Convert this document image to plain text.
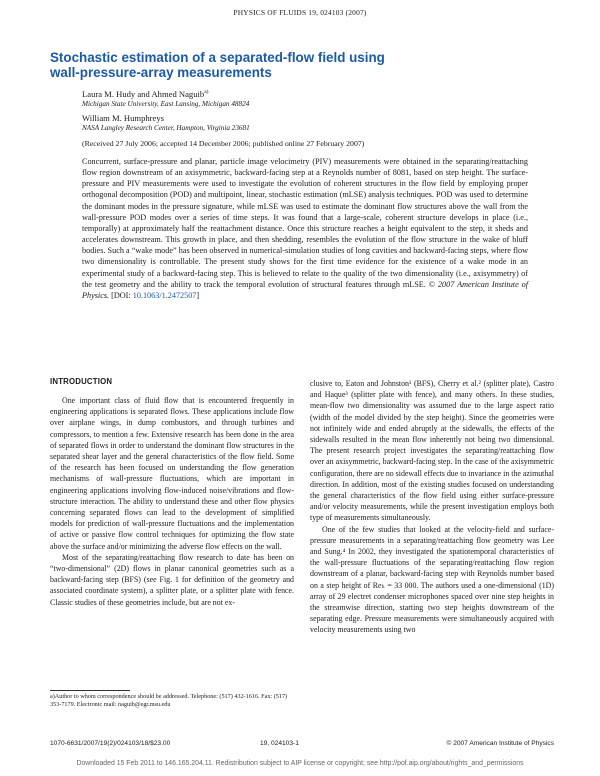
PHYSICS OF FLUIDS 19, 024103 (2007)
Stochastic estimation of a separated-flow field using
wall-pressure-array measurements
Laura M. Hudy and Ahmed Naguib$^{a)}$
Michigan State University, East Lansing, Michigan 48824
William M. Humphreys
NASA Langley Research Center, Hampton, Virginia 23681
(Received 27 July 2006; accepted 14 December 2006; published online 27 February 2007)
Concurrent, surface-pressure and planar, particle image velocimetry (PIV) measurements were obtained in the separating/reattaching flow region downstream of an axisymmetric, backward-facing step at a Reynolds number of 8081, based on step height. The surface-pressure and PIV measurements were used to investigate the evolution of coherent structures in the flow field by employing proper orthogonal decomposition (POD) and multipoint, linear, stochastic estimation (mLSE) analysis techniques. POD was used to determine the dominant modes in the pressure signature, while mLSE was used to estimate the dominant flow structures above the wall from the wall-pressure POD modes over a series of time steps. It was found that a large-scale, coherent structure develops in place (i.e., temporally) at approximately half the reattachment distance. Once this structure reaches a height equivalent to the step, it sheds and accelerates downstream. This growth in place, and then shedding, resembles the evolution of the flow structure in the wake of bluff bodies. Such a “wake mode” has been observed in numerical-simulation studies of long cavities and backward-facing steps, where flow two dimensionality is controllable. The present study shows for the first time evidence for the existence of a wake mode in an experimental study of a backward-facing step. This is believed to relate to the quality of the two dimensionality (i.e., axisymmetry) of the test geometry and the ability to track the temporal evolution of structural features through mLSE. © 2007 American Institute of Physics. [DOI: 10.1063/1.2472507]
INTRODUCTION

One important class of fluid flow that is encountered frequently in engineering applications is separated flows. These applications include flow over airplane wings, in dump combustors, and through turbines and compressors, to mention a few. Extensive research has been done in the area of separated flows in order to understand the dominant flow structures in the separated shear layer and the general characteristics of the flow field. Some of the research has been focused on understanding the flow generation mechanisms of wall-pressure fluctuations, which are important in engineering applications involving flow-induced noise/vibrations and flow-structure interaction. The ability to understand these and other flow physics concerning separated flows can lead to the development of simplified models for prediction of wall-pressure fluctuations and the implementation of active or passive flow control techniques for optimizing the flow state above the surface and/or minimizing the adverse flow effects on the wall.

Most of the separating/reattaching flow research to date has been on “two-dimensional” (2D) flows in planar canonical geometries such as a backward-facing step (BFS) (see Fig. 1 for definition of the geometry and associated coordinate system), a splitter plate, or a splitter plate with fence. Classic studies of these geometries include, but are not ex-

clusive to, Eaton and Johnston¹ (BFS), Cherry et al.² (splitter plate), Castro and Haque³ (splitter plate with fence), and many others. In these studies, mean-flow two dimensionality was assumed due to the large aspect ratio (width of the model divided by the step height). Since the geometries were not infinitely wide and ended abruptly at the sidewalls, the effects of the sidewalls resulted in the mean flow inherently not being two dimensional. The present research project investigates the separating/reattaching flow over an axisymmetric, backward-facing step. In the case of the axisymmetric configuration, there are no sidewall effects due to invariance in the azimuthal direction. In addition, most of the existing studies focused on understanding the general characteristics of the flow field using either surface-pressure and/or velocity measurements, while the present investigation employs both type of measurements simultaneously.

One of the few studies that looked at the velocity-field and surface-pressure measurements in a separating/reattaching flow geometry was Lee and Sung.⁴ In 2002, they investigated the spatiotemporal characteristics of the wall-pressure fluctuations of the separating/reattaching flow region downstream of a planar, backward-facing step with Reynolds number based on a step height of Reₕ = 33 000. The authors used a one-dimensional (1D) array of 29 electret condenser microphones spaced over nine step heights in the streamwise direction, starting two step heights downstream of the separating edge. Pressure measurements were simultaneously acquired with velocity measurements using two

a)Author to whom correspondence should be addressed. Telephone: (517) 432-1616. Fax: (517) 353-7179. Electronic mail: naguib@egr.msu.edu
1070-6631/2007/19(2)/024103/18/$23.00	19, 024103-1	© 2007 American Institute of Physics
Downloaded 15 Feb 2011 to 146.165.204.11. Redistribution subject to AIP license or copyright; see http://pof.aip.org/about/rights_and_permissions
